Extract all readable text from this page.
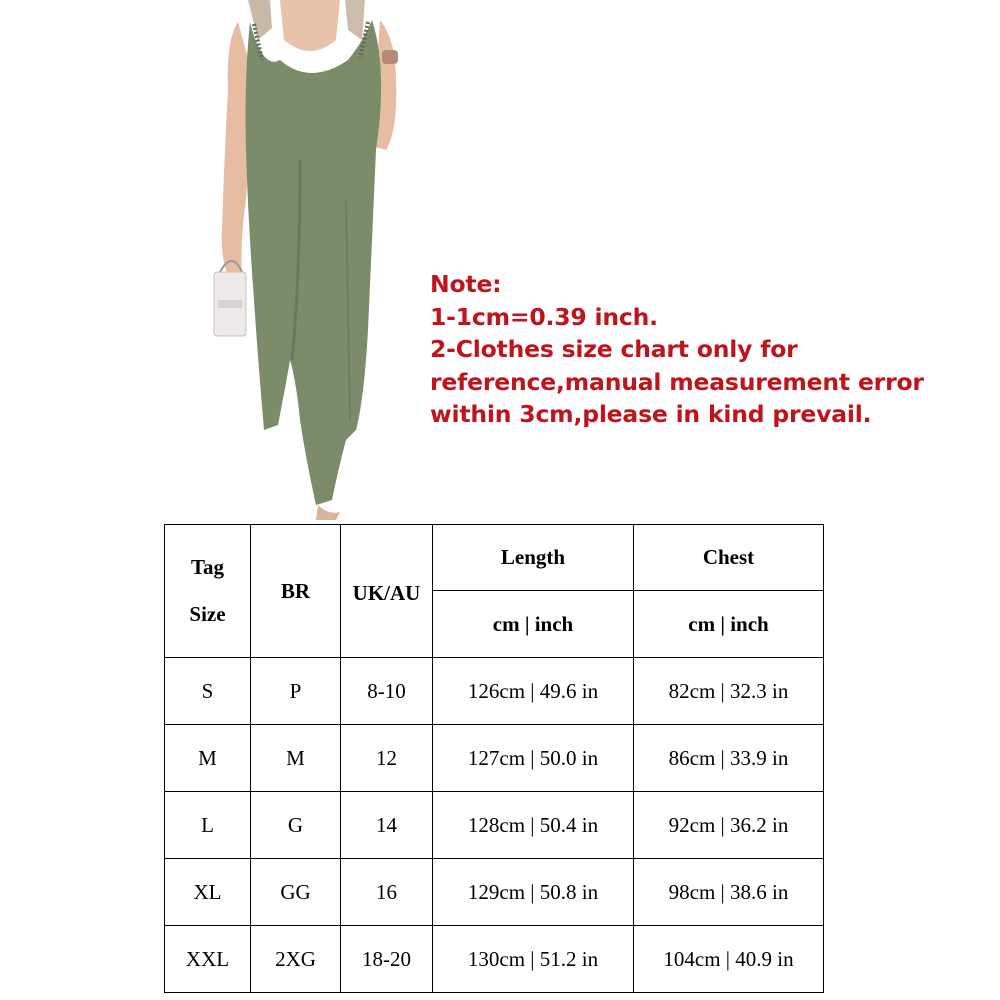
Note:
1-1cm=0.39 inch.
2-Clothes size chart only for
reference,manual measurement error
within 3cm,please in kind prevail.
Tag
Size	BR	UK/AU	Length	Chest
			cm | inch	cm | inch
S	P	8-10	126cm | 49.6 in	82cm | 32.3 in
M	M	12	127cm | 50.0 in	86cm | 33.9 in
L	G	14	128cm | 50.4 in	92cm | 36.2 in
XL	GG	16	129cm | 50.8 in	98cm | 38.6 in
XXL	2XG	18-20	130cm | 51.2 in	104cm | 40.9 in
